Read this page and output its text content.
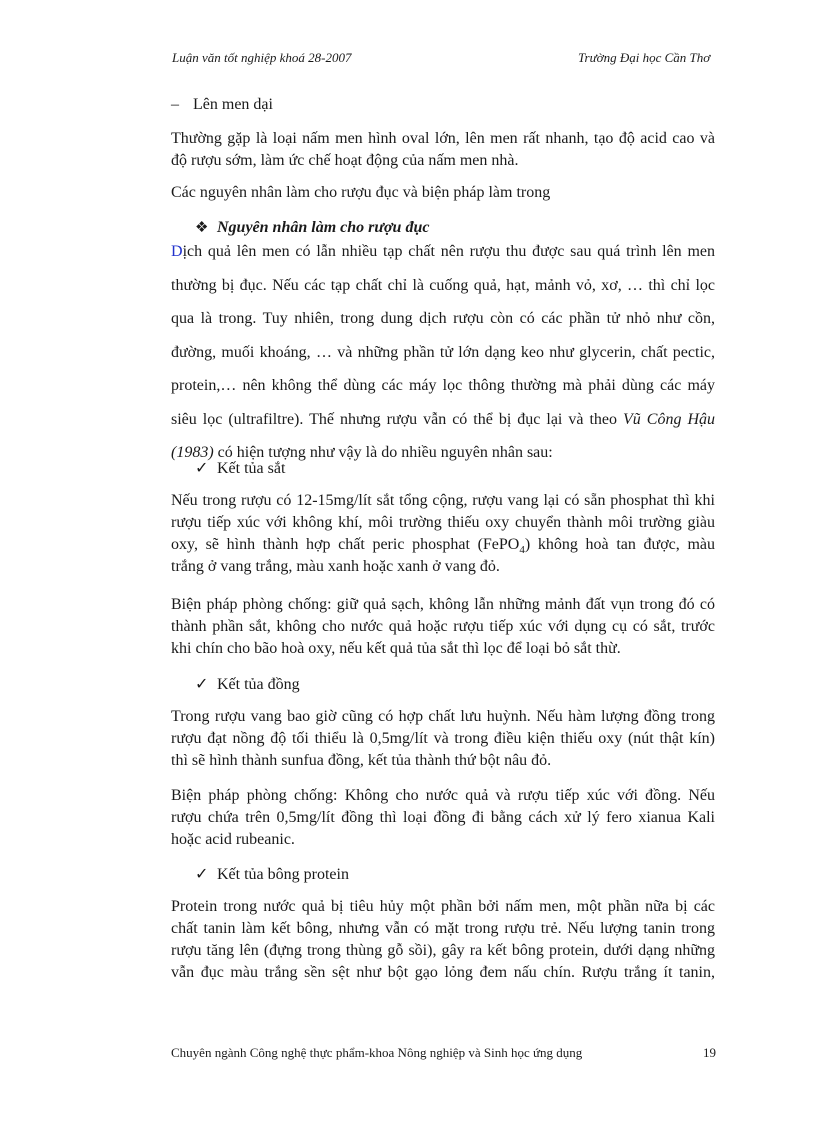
Luận văn tốt nghiệp khoá 28-2007	Trường Đại học Cần Thơ
– Lên men dại
Thường gặp là loại nấm men hình oval lớn, lên men rất nhanh, tạo độ acid cao và
độ rượu sớm, làm ức chế hoạt động của nấm men nhà.
Các nguyên nhân làm cho rượu đục và biện pháp làm trong
❖ Nguyên nhân làm cho rượu đục
Dịch quả lên men có lẫn nhiều tạp chất nên rượu thu được sau quá trình lên men
thường bị đục. Nếu các tạp chất chỉ là cuống quả, hạt, mảnh vỏ, xơ, … thì chỉ lọc
qua là trong. Tuy nhiên, trong dung dịch rượu còn có các phần tử nhỏ như cồn,
đường, muối khoáng, … và những phần tử lớn dạng keo như glycerin, chất pectic,
protein,… nên không thể dùng các máy lọc thông thường mà phải dùng các máy
siêu lọc (ultrafiltre). Thế nhưng rượu vẫn có thể bị đục lại và theo Vũ Công Hậu
(1983) có hiện tượng như vậy là do nhiều nguyên nhân sau:
✓ Kết tủa sắt
Nếu trong rượu có 12-15mg/lít sắt tổng cộng, rượu vang lại có sẵn phosphat thì khi
rượu tiếp xúc với không khí, môi trường thiếu oxy chuyển thành môi trường giàu
oxy, sẽ hình thành hợp chất peric phosphat (FePO$_4$) không hoà tan được, màu
trắng ở vang trắng, màu xanh hoặc xanh ở vang đỏ.
Biện pháp phòng chống: giữ quả sạch, không lẫn những mảnh đất vụn trong đó có
thành phần sắt, không cho nước quả hoặc rượu tiếp xúc với dụng cụ có sắt, trước
khi chín cho bão hoà oxy, nếu kết quả tủa sắt thì lọc để loại bỏ sắt thừ.
✓ Kết tủa đồng
Trong rượu vang bao giờ cũng có hợp chất lưu huỳnh. Nếu hàm lượng đồng trong
rượu đạt nồng độ tối thiểu là 0,5mg/lít và trong điều kiện thiếu oxy (nút thật kín)
thì sẽ hình thành sunfua đồng, kết tủa thành thứ bột nâu đỏ.
Biện pháp phòng chống: Không cho nước quả và rượu tiếp xúc với đồng. Nếu
rượu chứa trên 0,5mg/lít đồng thì loại đồng đi bằng cách xử lý fero xianua Kali
hoặc acid rubeanic.
✓ Kết tủa bông protein
Protein trong nước quả bị tiêu hủy một phần bởi nấm men, một phần nữa bị các
chất tanin làm kết bông, nhưng vẫn có mặt trong rượu trẻ. Nếu lượng tanin trong
rượu tăng lên (đựng trong thùng gỗ sồi), gây ra kết bông protein, dưới dạng những
vẫn đục màu trắng sền sệt như bột gạo lỏng đem nấu chín. Rượu trắng ít tanin,
Chuyên ngành Công nghệ thực phẩm-khoa Nông nghiệp và Sinh học ứng dụng	19
